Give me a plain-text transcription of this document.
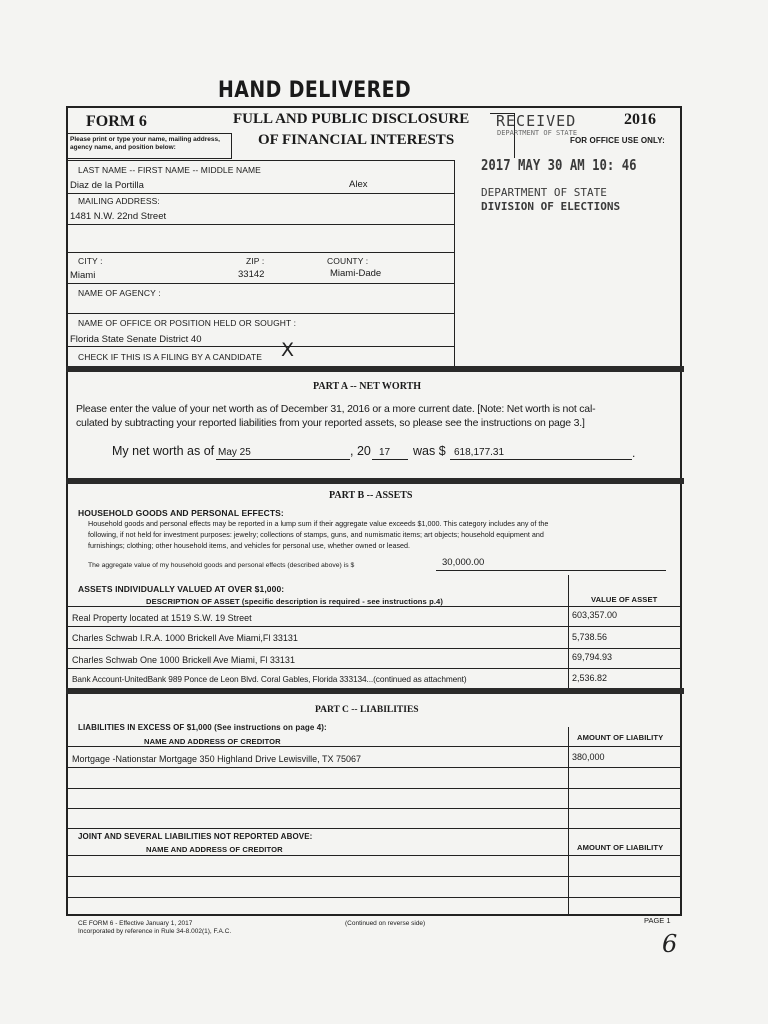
HAND DELIVERED
FORM 6	FULL AND PUBLIC DISCLOSURE
OF FINANCIAL INTERESTS
2016
Please print or type your name, mailing address, agency name, and position below:
RECEIVED
DEPARTMENT OF STATE
FOR OFFICE USE ONLY:
2017 MAY 30 AM 10: 46
DEPARTMENT OF STATE
DIVISION OF ELECTIONS
LAST NAME -- FIRST NAME -- MIDDLE NAME
Diaz de la Portilla	Alex
MAILING ADDRESS:
1481 N.W. 22nd Street
CITY :	ZIP :	COUNTY :
Miami	33142	Miami-Dade
NAME OF AGENCY :
NAME OF OFFICE OR POSITION HELD OR SOUGHT :
Florida State Senate District 40
CHECK IF THIS IS A FILING BY A CANDIDATE X
PART A -- NET WORTH
Please enter the value of your net worth as of December 31, 2016 or a more current date. [Note: Net worth is not cal-
culated by subtracting your reported liabilities from your reported assets, so please see the instructions on page 3.]
My net worth as of May 25	, 20 17 was $ 618,177.31	.
PART B -- ASSETS
HOUSEHOLD GOODS AND PERSONAL EFFECTS:
Household goods and personal effects may be reported in a lump sum if their aggregate value exceeds $1,000. This category includes any of the
following, if not held for investment purposes: jewelry; collections of stamps, guns, and numismatic items; art objects; household equipment and
furnishings; clothing; other household items, and vehicles for personal use, whether owned or leased.
The aggregate value of my household goods and personal effects (described above) is $	30,000.00
ASSETS INDIVIDUALLY VALUED AT OVER $1,000:
DESCRIPTION OF ASSET (specific description is required - see instructions p.4)	VALUE OF ASSET
Real Property located at 1519 S.W. 19 Street	603,357.00
Charles Schwab I.R.A. 1000 Brickell Ave Miami,Fl 33131	5,738.56
Charles Schwab One 1000 Brickell Ave Miami, Fl 33131	69,794.93
Bank Account-UnitedBank 989 Ponce de Leon Blvd. Coral Gables, Florida 333134...(continued as attachment)	2,536.82
PART C -- LIABILITIES
LIABILITIES IN EXCESS OF $1,000 (See instructions on page 4):
NAME AND ADDRESS OF CREDITOR	AMOUNT OF LIABILITY
Mortgage -Nationstar Mortgage 350 Highland Drive Lewisville, TX 75067	380,000
JOINT AND SEVERAL LIABILITIES NOT REPORTED ABOVE:
NAME AND ADDRESS OF CREDITOR	AMOUNT OF LIABILITY
CE FORM 6 - Effective January 1, 2017
Incorporated by reference in Rule 34-8.002(1), F.A.C.
(Continued on reverse side)	PAGE 1
6
